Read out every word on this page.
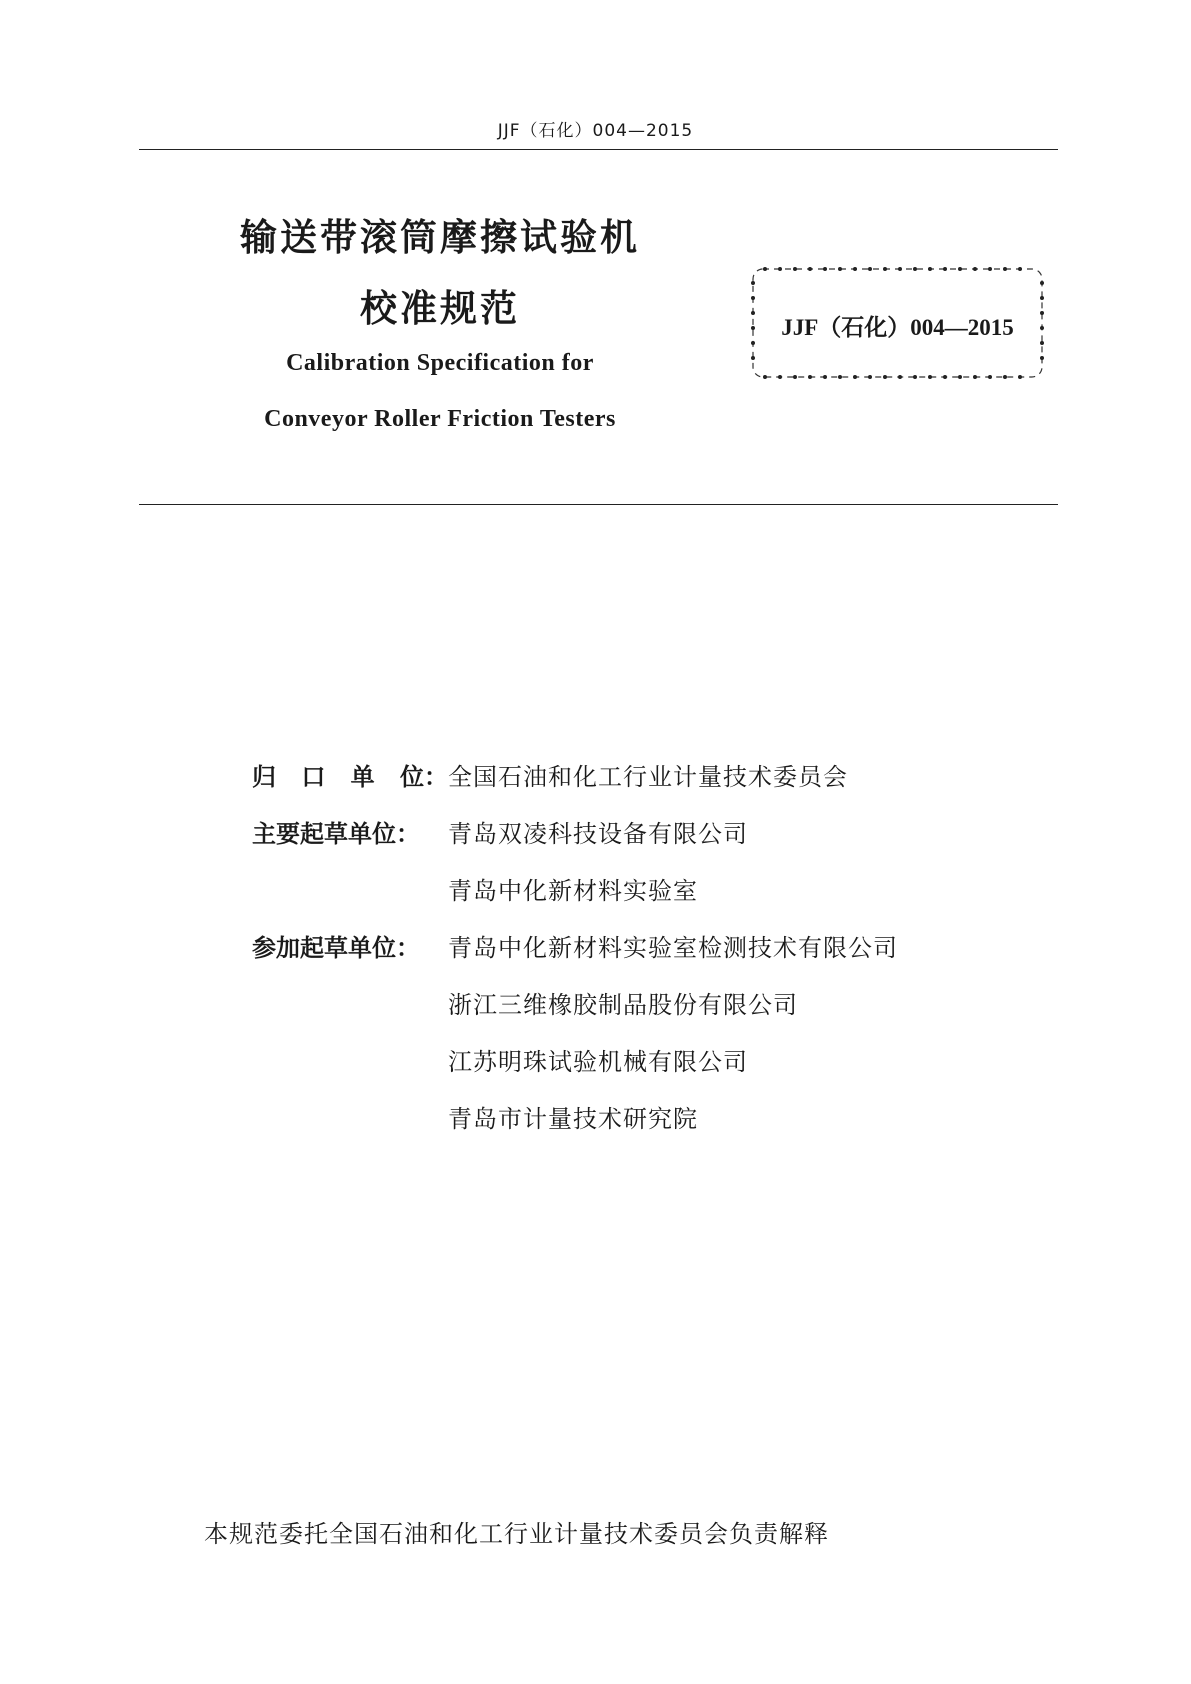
JJF（石化）004—2015
输送带滚筒摩擦试验机
校准规范
Calibration Specification for
Conveyor Roller Friction Testers
JJF（石化）004—2015
归 口 单 位： 全国石油和化工行业计量技术委员会
主要起草单位：	青岛双凌科技设备有限公司
青岛中化新材料实验室
参加起草单位：	青岛中化新材料实验室检测技术有限公司
浙江三维橡胶制品股份有限公司
江苏明珠试验机械有限公司
青岛市计量技术研究院
本规范委托全国石油和化工行业计量技术委员会负责解释
